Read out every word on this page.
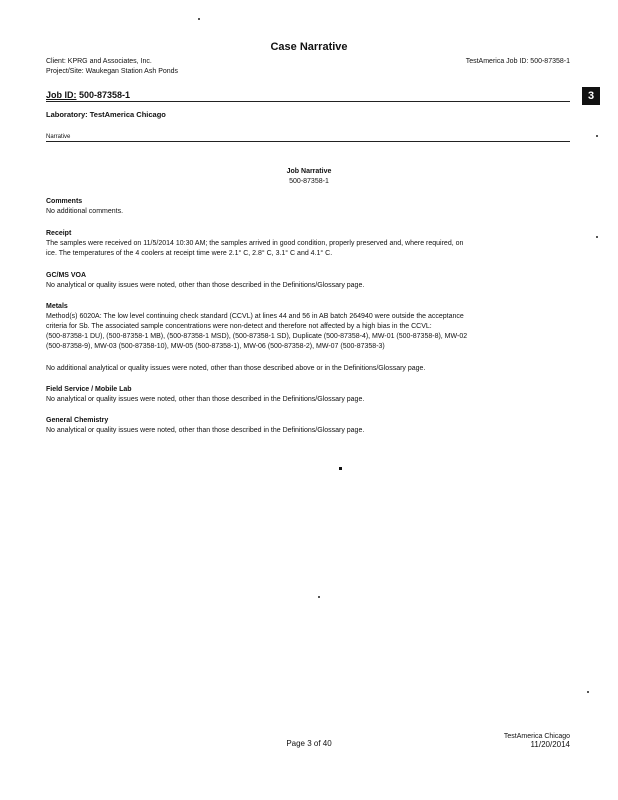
Case Narrative
Client: KPRG and Associates, Inc.
Project/Site: Waukegan Station Ash Ponds
TestAmerica Job ID: 500-87358-1
3
Job ID: 500-87358-1
Laboratory: TestAmerica Chicago
Narrative
Job Narrative
500-87358-1
Comments
No additional comments.
Receipt
The samples were received on 11/5/2014 10:30 AM; the samples arrived in good condition, properly preserved and, where required, on
ice. The temperatures of the 4 coolers at receipt time were 2.1° C, 2.8° C, 3.1° C and 4.1° C.
GC/MS VOA
No analytical or quality issues were noted, other than those described in the Definitions/Glossary page.
Metals
Method(s) 6020A: The low level continuing check standard (CCVL) at lines 44 and 56 in AB batch 264940 were outside the acceptance
criteria for Sb. The associated sample concentrations were non-detect and therefore not affected by a high bias in the CCVL:
(500-87358-1 DU), (500-87358-1 MB), (500-87358-1 MSD), (500-87358-1 SD), Duplicate (500-87358-4), MW-01 (500-87358-8), MW-02
(500-87358-9), MW-03 (500-87358-10), MW-05 (500-87358-1), MW-06 (500-87358-2), MW-07 (500-87358-3)
No additional analytical or quality issues were noted, other than those described above or in the Definitions/Glossary page.
Field Service / Mobile Lab
No analytical or quality issues were noted, other than those described in the Definitions/Glossary page.
General Chemistry
No analytical or quality issues were noted, other than those described in the Definitions/Glossary page.
Page 3 of 40
TestAmerica Chicago
11/20/2014
